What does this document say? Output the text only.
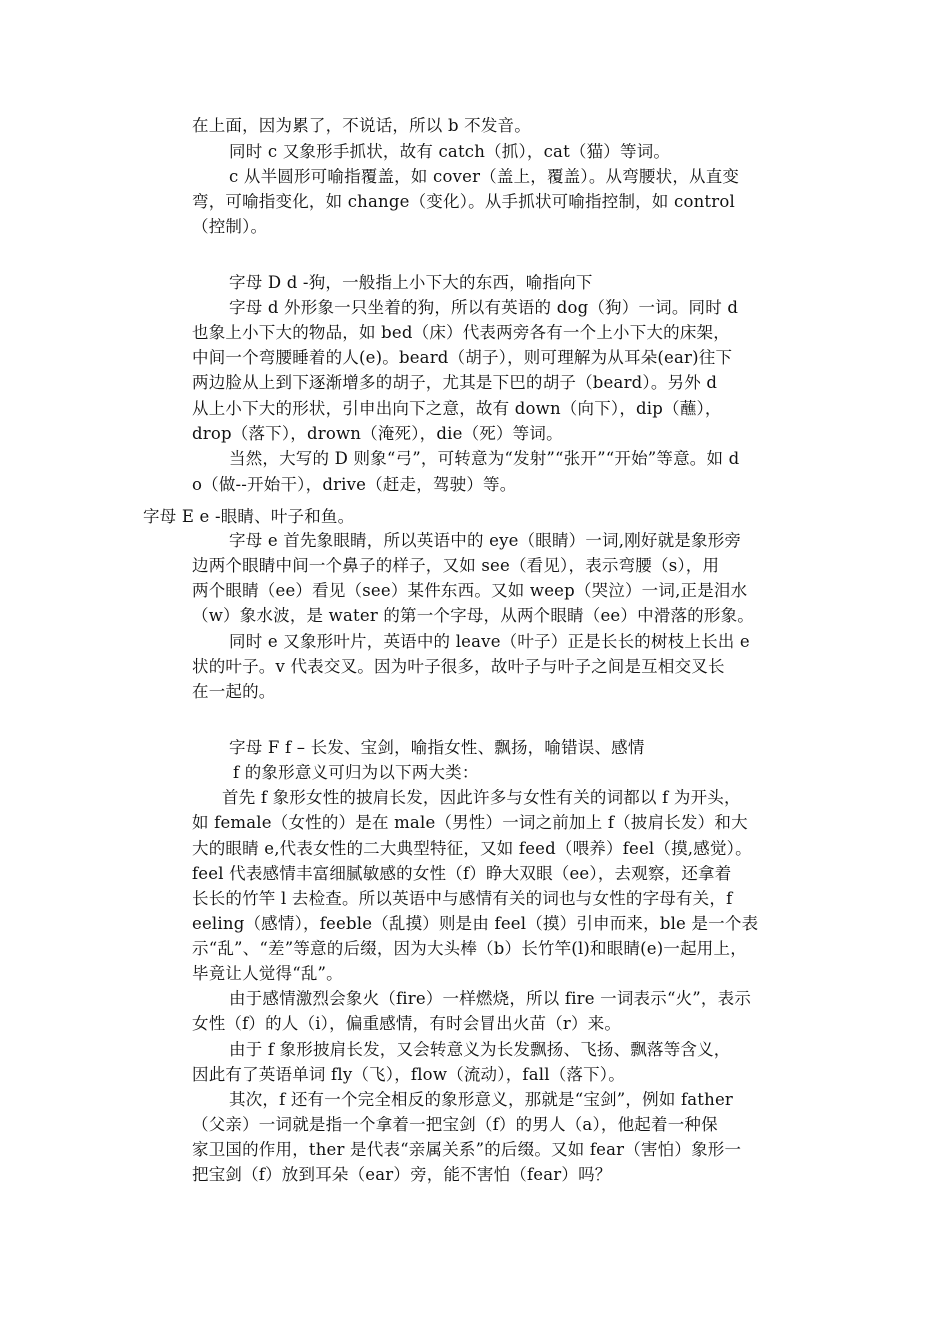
在上面，因为累了，不说话，所以 b 不发音。
同时 c 又象形手抓状，故有 catch（抓），cat（猫）等词。
c 从半圆形可喻指覆盖，如 cover（盖上，覆盖）。从弯腰状，从直变
弯，可喻指变化，如 change（变化）。从手抓状可喻指控制，如 control
（控制）。
字母 D d -狗，一般指上小下大的东西，喻指向下
字母 d 外形象一只坐着的狗，所以有英语的 dog（狗）一词。同时 d
也象上小下大的物品，如 bed（床）代表两旁各有一个上小下大的床架，
中间一个弯腰睡着的人(e)。beard（胡子），则可理解为从耳朵(ear)往下
两边脸从上到下逐渐增多的胡子，尤其是下巴的胡子（beard）。另外 d
从上小下大的形状，引申出向下之意，故有 down（向下），dip（蘸），
drop（落下），drown（淹死），die（死）等词。
当然，大写的 D 则象“弓”，可转意为“发射”“张开”“开始”等意。如 d
o（做--开始干），drive（赶走，驾驶）等。
字母 E e -眼睛、叶子和鱼。
字母 e 首先象眼睛，所以英语中的 eye（眼睛）一词,刚好就是象形旁
边两个眼睛中间一个鼻子的样子，又如 see（看见），表示弯腰（s），用
两个眼睛（ee）看见（see）某件东西。又如 weep（哭泣）一词,正是泪水
（w）象水波，是 water 的第一个字母，从两个眼睛（ee）中滑落的形象。
同时 e 又象形叶片，英语中的 leave（叶子）正是长长的树枝上长出 e
状的叶子。v 代表交叉。因为叶子很多，故叶子与叶子之间是互相交叉长
在一起的。
字母 F f – 长发、宝剑，喻指女性、飘扬，喻错误、感情
f 的象形意义可归为以下两大类：
首先 f 象形女性的披肩长发，因此许多与女性有关的词都以 f 为开头，
如 female（女性的）是在 male（男性）一词之前加上 f（披肩长发）和大
大的眼睛 e,代表女性的二大典型特征，又如 feed（喂养）feel（摸,感觉）。
feel 代表感情丰富细腻敏感的女性（f）睁大双眼（ee），去观察，还拿着
长长的竹竿 l 去检查。所以英语中与感情有关的词也与女性的字母有关，f
eeling（感情），feeble（乱摸）则是由 feel（摸）引申而来，ble 是一个表
示“乱”、“差”等意的后缀，因为大头棒（b）长竹竿(l)和眼睛(e)一起用上，
毕竟让人觉得“乱”。
由于感情激烈会象火（fire）一样燃烧，所以 fire 一词表示“火”，表示
女性（f）的人（i），偏重感情，有时会冒出火苗（r）来。
由于 f 象形披肩长发，又会转意义为长发飘扬、飞扬、飘落等含义，
因此有了英语单词 fly（飞），flow（流动），fall（落下）。
其次，f 还有一个完全相反的象形意义，那就是“宝剑”，例如 father
（父亲）一词就是指一个拿着一把宝剑（f）的男人（a），他起着一种保
家卫国的作用，ther 是代表“亲属关系”的后缀。又如 fear（害怕）象形一
把宝剑（f）放到耳朵（ear）旁，能不害怕（fear）吗？
